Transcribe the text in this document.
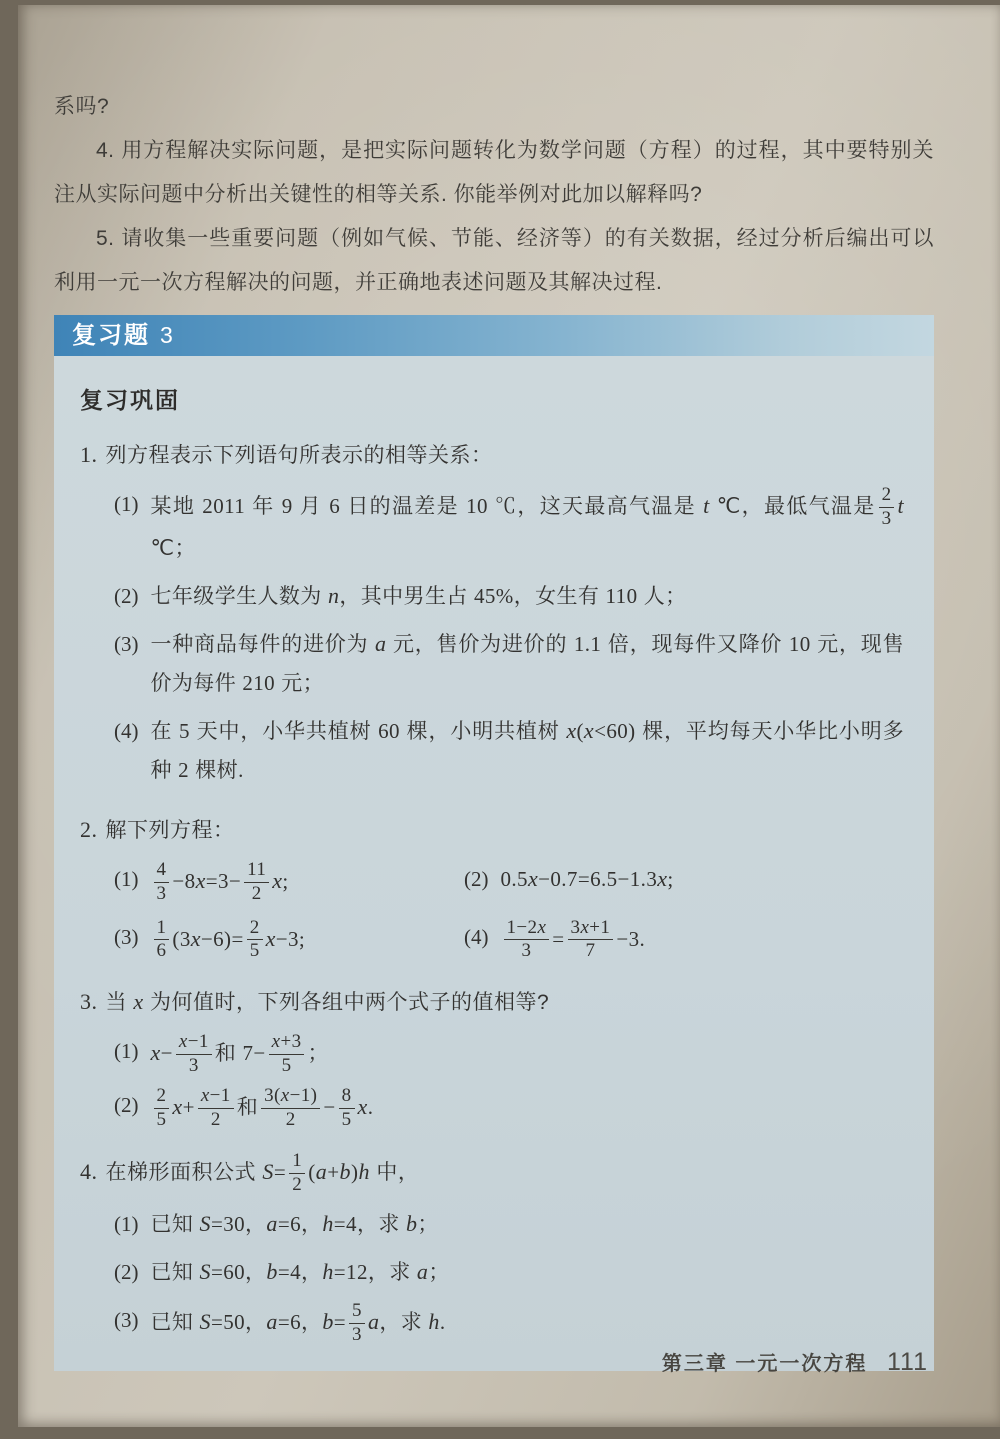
系吗?

4. 用方程解决实际问题，是把实际问题转化为数学问题（方程）的过程，其中要特别关注从实际问题中分析出关键性的相等关系. 你能举例对此加以解释吗?

5. 请收集一些重要问题（例如气候、节能、经济等）的有关数据，经过分析后编出可以利用一元一次方程解决的问题，并正确地表述问题及其解决过程.

复习题 3
复习巩固
1. 列方程表示下列语句所表示的相等关系：
(1) 某地 2011 年 9 月 6 日的温差是 10 ℃，这天最高气温是 t ℃，最低气温是 $\frac{2}{3}$ t ℃；
(2) 七年级学生人数为 n，其中男生占 45%，女生有 110 人；
(3) 一种商品每件的进价为 a 元，售价为进价的 1.1 倍，现每件又降价 10 元，现售价为每件 210 元；
(4) 在 5 天中，小华共植树 60 棵，小明共植树 x(x<60) 棵，平均每天小华比小明多种 2 棵树.
2. 解下列方程：
$(1) \frac{4}{3} -8x=3- \frac{11}{2} x$;	(2) 0.5x−0.7=6.5−1.3x;
$(3) \frac{1}{6} (3x-6)= \frac{2}{5} x-3$;	$(4) \frac{1-2x}{3} = \frac{3x+1}{7} -3$.
3. 当 x 为何值时，下列各组中两个式子的值相等?
(1) $x- \frac{x-1}{3}$ 和 $7- \frac{x+3}{5}$ ；
$(2) \frac{2}{5} x+ \frac{x-1}{2}$ 和 $\frac{3(x-1)}{2} - \frac{8}{5} x$.
4. 在梯形面积公式 $S= \frac{1}{2} (a+b)h$ 中，
(1) 已知 S=30，a=6，h=4，求 b；
(2) 已知 S=60，b=4，h=12，求 a；
(3) 已知 S=50，a=6，$b= \frac{5}{3}$ a，求 h.
第三章 一元一次方程 111
